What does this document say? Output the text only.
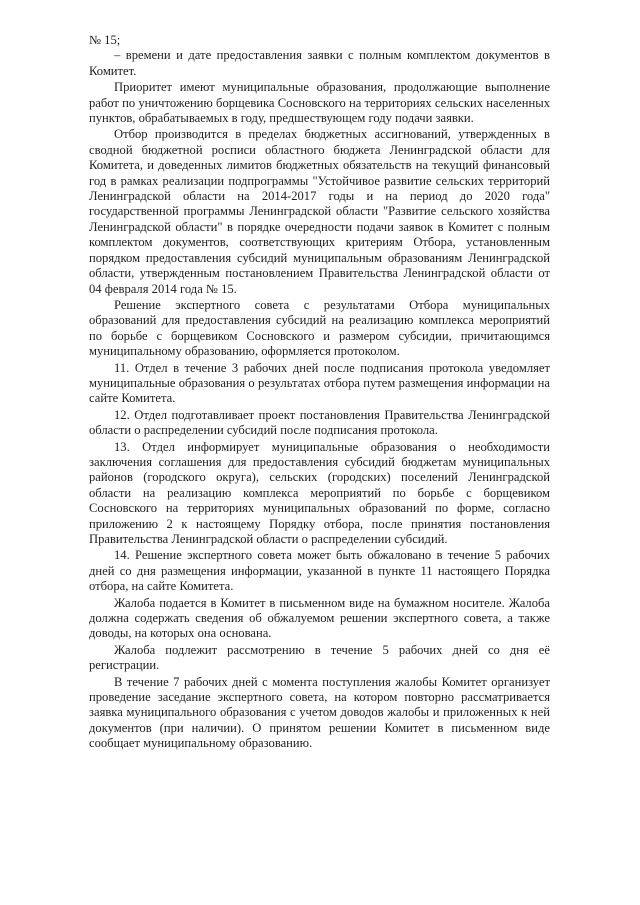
№ 15;

– времени и дате предоставления заявки с полным комплектом документов в Комитет.

Приоритет имеют муниципальные образования, продолжающие выполнение работ по уничтожению борщевика Сосновского на территориях сельских населенных пунктов, обрабатываемых в году, предшествующем году подачи заявки.

Отбор производится в пределах бюджетных ассигнований, утвержденных в сводной бюджетной росписи областного бюджета Ленинградской области для Комитета, и доведенных лимитов бюджетных обязательств на текущий финансовый год в рамках реализации подпрограммы "Устойчивое развитие сельских территорий Ленинградской области на 2014-2017 годы и на период до 2020 года" государственной программы Ленинградской области "Развитие сельского хозяйства Ленинградской области" в порядке очередности подачи заявок в Комитет с полным комплектом документов, соответствующих критериям Отбора, установленным порядком предоставления субсидий муниципальным образованиям Ленинградской области, утвержденным постановлением Правительства Ленинградской области от 04 февраля 2014 года № 15.

Решение экспертного совета с результатами Отбора муниципальных образований для предоставления субсидий на реализацию комплекса мероприятий по борьбе с борщевиком Сосновского и размером субсидии, причитающимся муниципальному образованию, оформляется протоколом.

11. Отдел в течение 3 рабочих дней после подписания протокола уведомляет муниципальные образования о результатах отбора путем размещения информации на сайте Комитета.

12. Отдел подготавливает проект постановления Правительства Ленинградской области о распределении субсидий после подписания протокола.

13. Отдел информирует муниципальные образования о необходимости заключения соглашения для предоставления субсидий бюджетам муниципальных районов (городского округа), сельских (городских) поселений Ленинградской области на реализацию комплекса мероприятий по борьбе с борщевиком Сосновского на территориях муниципальных образований по форме, согласно приложению 2 к настоящему Порядку отбора, после принятия постановления Правительства Ленинградской области о распределении субсидий.

14. Решение экспертного совета может быть обжаловано в течение 5 рабочих дней со дня размещения информации, указанной в пункте 11 настоящего Порядка отбора, на сайте Комитета.

Жалоба подается в Комитет в письменном виде на бумажном носителе. Жалоба должна содержать сведения об обжалуемом решении экспертного совета, а также доводы, на которых она основана.

Жалоба подлежит рассмотрению в течение 5 рабочих дней со дня её регистрации.

В течение 7 рабочих дней с момента поступления жалобы Комитет организует проведение заседание экспертного совета, на котором повторно рассматривается заявка муниципального образования с учетом доводов жалобы и приложенных к ней документов (при наличии). О принятом решении Комитет в письменном виде сообщает муниципальному образованию.
